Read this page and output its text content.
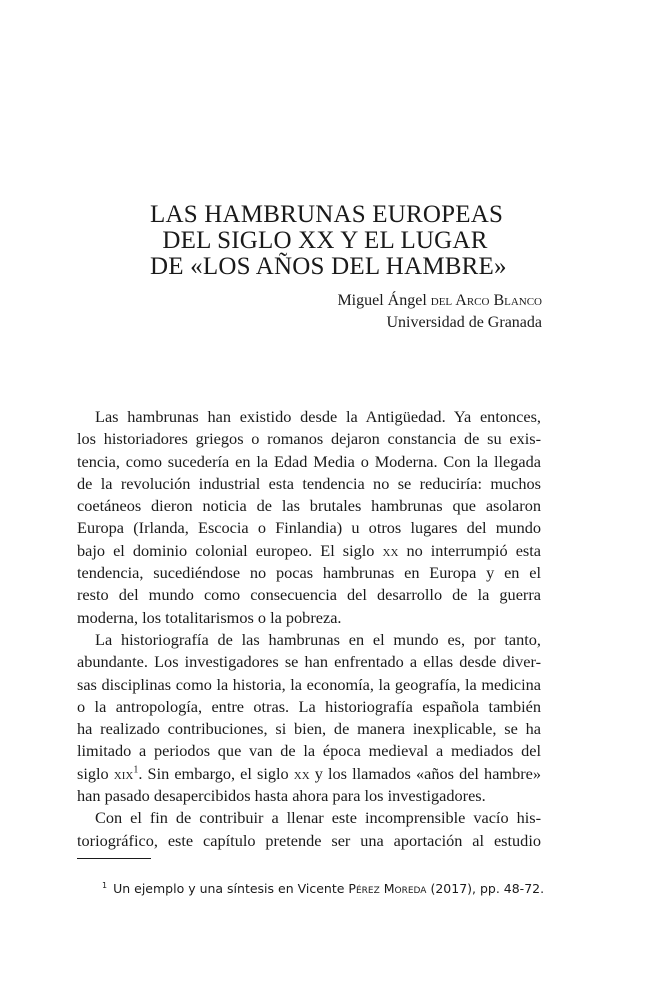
LAS HAMBRUNAS EUROPEAS
DEL SIGLO XX Y EL LUGAR
DE «LOS AÑOS DEL HAMBRE»
Miguel Ángel del Arco Blanco
Universidad de Granada
Las hambrunas han existido desde la Antigüedad. Ya entonces,
los historiadores griegos o romanos dejaron constancia de su exis-
tencia, como sucedería en la Edad Media o Moderna. Con la llegada
de la revolución industrial esta tendencia no se reduciría: muchos
coetáneos dieron noticia de las brutales hambrunas que asolaron
Europa (Irlanda, Escocia o Finlandia) u otros lugares del mundo
bajo el dominio colonial europeo. El siglo xx no interrumpió esta
tendencia, sucediéndose no pocas hambrunas en Europa y en el
resto del mundo como consecuencia del desarrollo de la guerra
moderna, los totalitarismos o la pobreza.
La historiografía de las hambrunas en el mundo es, por tanto,
abundante. Los investigadores se han enfrentado a ellas desde diver-
sas disciplinas como la historia, la economía, la geografía, la medicina
o la antropología, entre otras. La historiografía española también
ha realizado contribuciones, si bien, de manera inexplicable, se ha
limitado a periodos que van de la época medieval a mediados del
siglo xix$^1$. Sin embargo, el siglo xx y los llamados «años del hambre»
han pasado desapercibidos hasta ahora para los investigadores.
Con el fin de contribuir a llenar este incomprensible vacío his-
toriográfico, este capítulo pretende ser una aportación al estudio
$^1$ Un ejemplo y una síntesis en Vicente Pérez Moreda (2017), pp. 48-72.
